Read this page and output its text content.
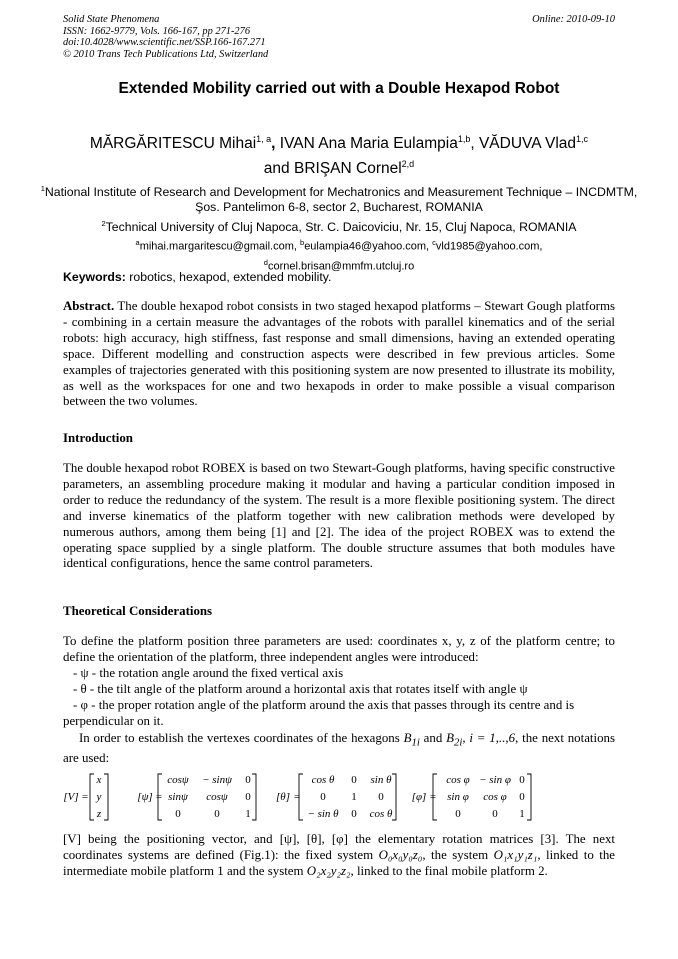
Solid State Phenomena
ISSN: 1662-9779, Vols. 166-167, pp 271-276
doi:10.4028/www.scientific.net/SSP.166-167.271
© 2010 Trans Tech Publications Ltd, Switzerland
Online: 2010-09-10
Extended Mobility carried out with a Double Hexapod Robot
MĂRGĂRITESCU Mihai$^{1, a}$, IVAN Ana Maria Eulampia$^{1,b}$, VĂDUVA Vlad$^{1,c}$
and BRIŞAN Cornel$^{2,d}$
$^1$National Institute of Research and Development for Mechatronics and Measurement Technique – INCDMTM, Şos. Pantelimon 6-8, sector 2, Bucharest, ROMANIA
$^2$Technical University of Cluj Napoca, Str. C. Daicoviciu, Nr. 15, Cluj Napoca, ROMANIA
$^a$mihai.margaritescu@gmail.com, $^b$eulampia46@yahoo.com, $^c$vld1985@yahoo.com,
$^d$cornel.brisan@mmfm.utcluj.ro
Keywords: robotics, hexapod, extended mobility.
Abstract. The double hexapod robot consists in two staged hexapod platforms – Stewart Gough platforms - combining in a certain measure the advantages of the robots with parallel kinematics and of the serial robots: high accuracy, high stiffness, fast response and small dimensions, having an extended operating space. Different modelling and construction aspects were described in few previous articles. Some examples of trajectories generated with this positioning system are now presented to illustrate its mobility, as well as the workspaces for one and two hexapods in order to make possible a visual comparison between the two volumes.
Introduction
The double hexapod robot ROBEX is based on two Stewart-Gough platforms, having specific constructive parameters, an assembling procedure making it modular and having a particular condition imposed in order to reduce the redundancy of the system. The result is a more flexible positioning system. The direct and inverse kinematics of the platform together with new calibration methods were developed by numerous authors, among them being [1] and [2]. The idea of the project ROBEX was to extend the operating space supplied by a single platform. The double structure assumes that both modules have identical configurations, hence the same control parameters.
Theoretical Considerations
To define the platform position three parameters are used: coordinates x, y, z of the platform centre; to define the orientation of the platform, three independent angles were introduced:
- ψ - the rotation angle around the fixed vertical axis
- θ - the tilt angle of the platform around a horizontal axis that rotates itself with angle ψ
- φ - the proper rotation angle of the platform around the axis that passes through its centre and is perpendicular on it.
In order to establish the vertexes coordinates of the hexagons $B_{1i}$ and $B_{2i}$, i = 1,..,6, the next notations are used:
[V] =
x
y
z
[ψ] =
cosψ − sinψ 0
sinψ cosψ 0
0	0 1
[θ] =
cos θ 0 sin θ
0 1 0
− sin θ 0 cos θ
[φ] =
cos φ − sin φ 0
sin φ cos φ 0
0	0 1
[V] being the positioning vector, and [ψ], [θ], [φ] the elementary rotation matrices [3]. The next coordinates systems are defined (Fig.1): the fixed system O₀x₀y₀z₀, the system O₁x₁y₁z₁, linked to the intermediate mobile platform 1 and the system O₂x₂y₂z₂, linked to the final mobile platform 2.
